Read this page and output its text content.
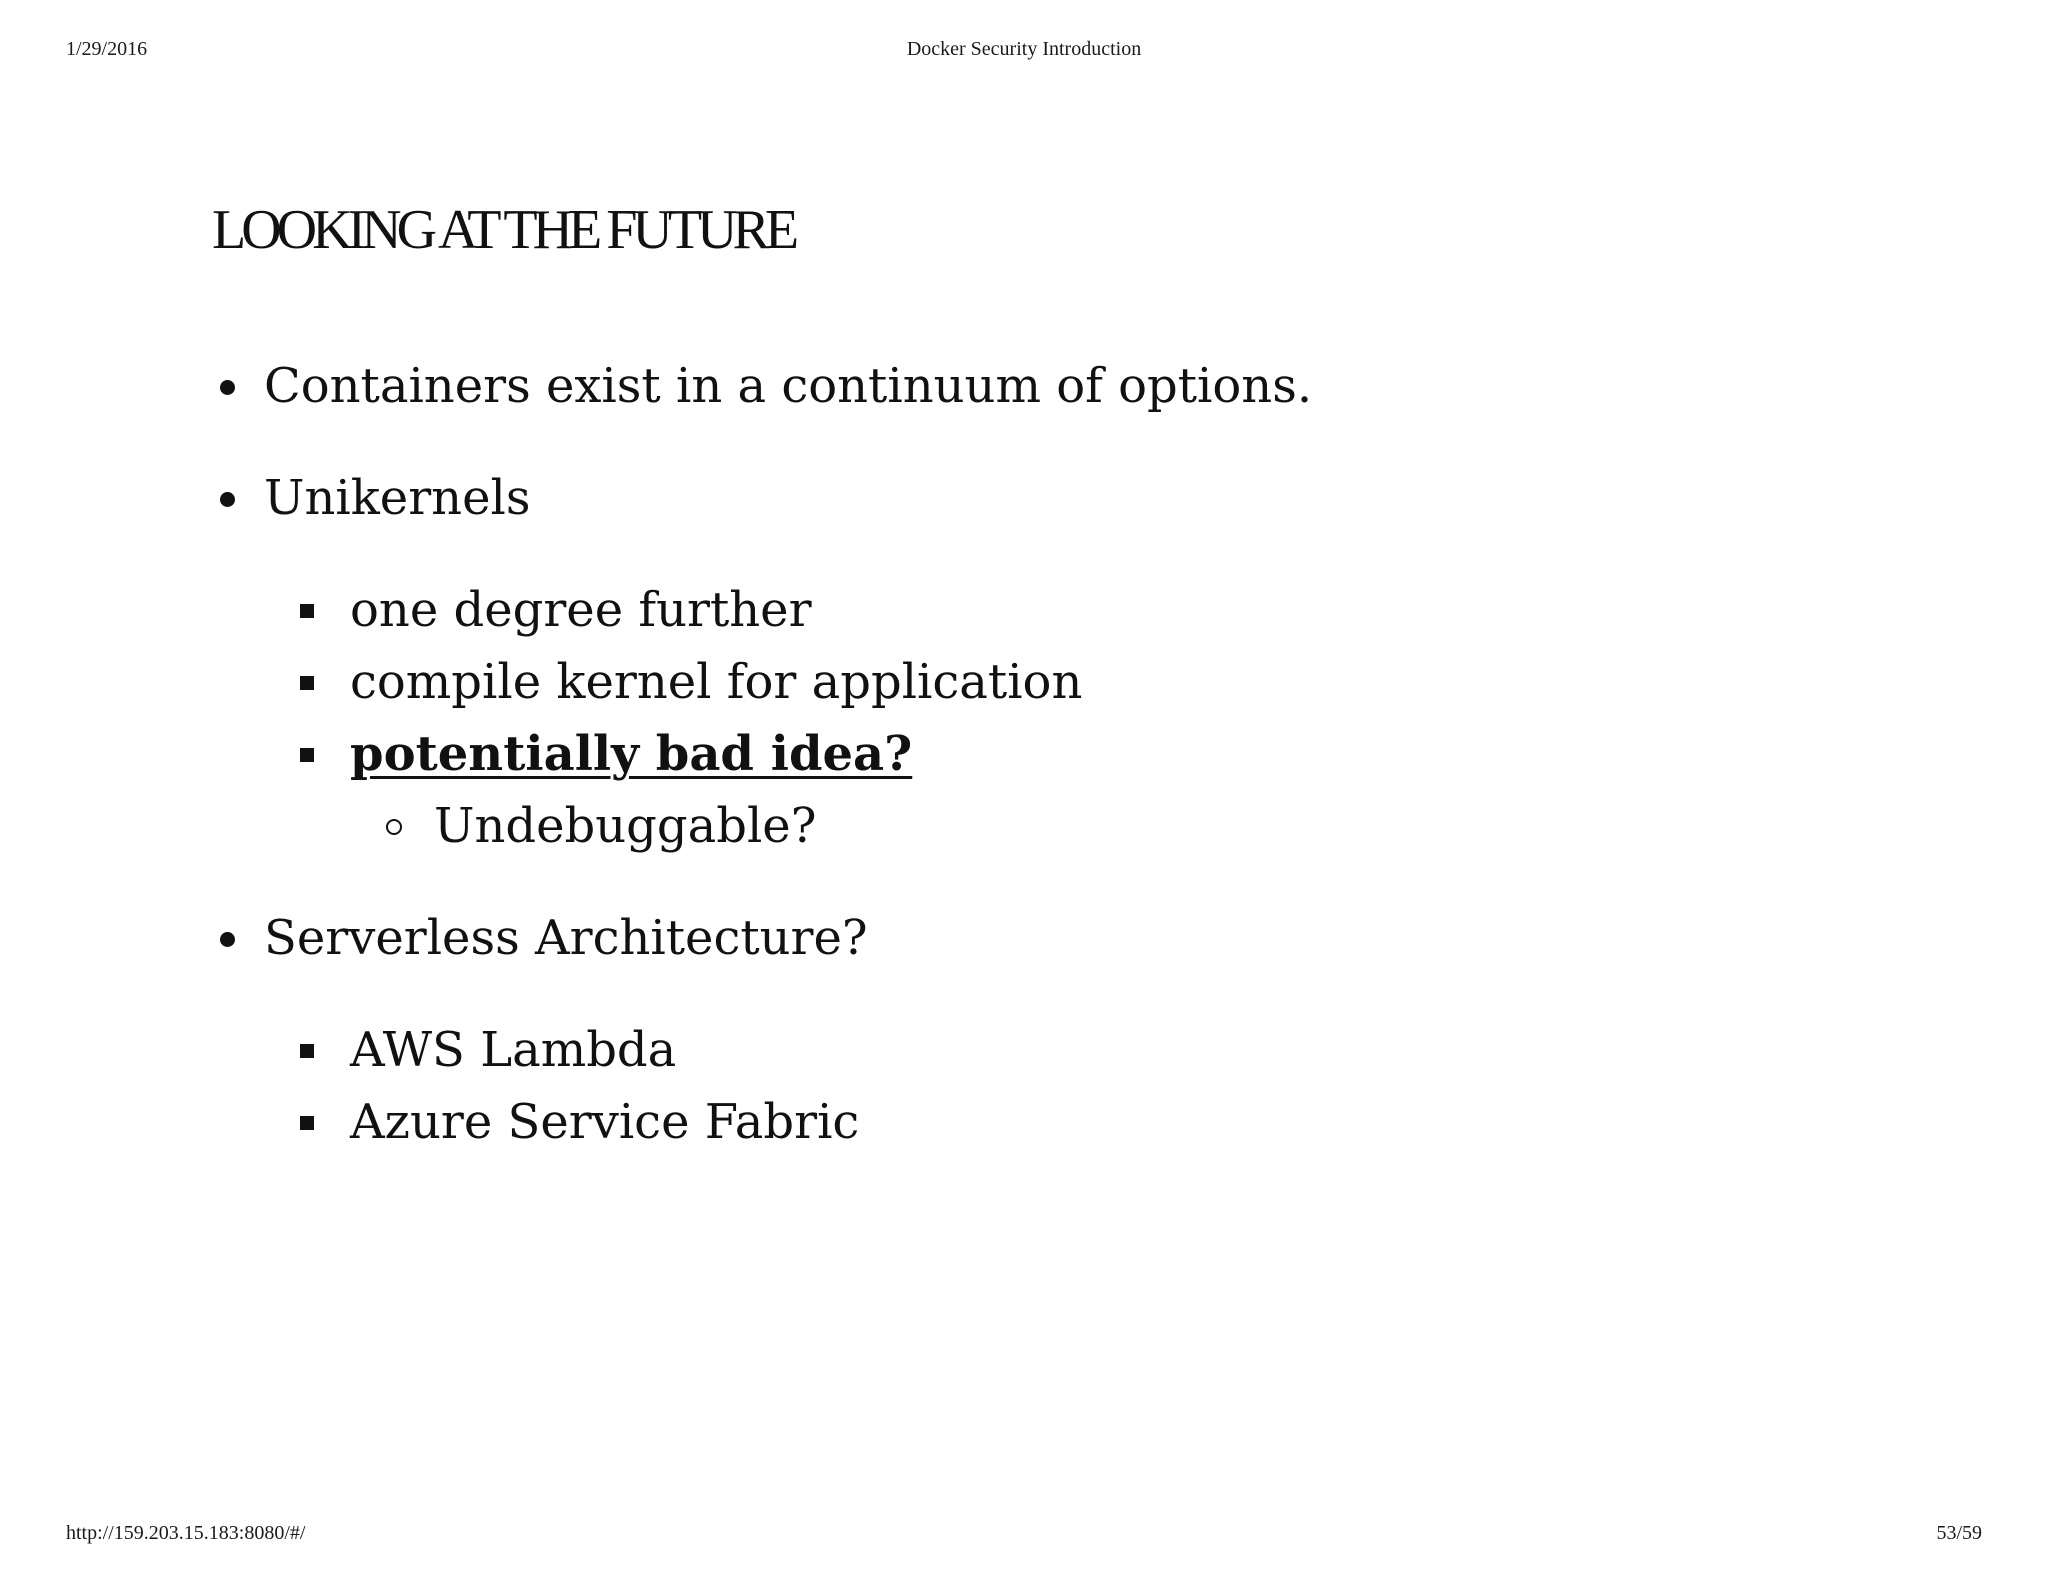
1/29/2016	Docker Security Introduction
LOOKING AT THE FUTURE
Containers exist in a continuum of options.
Unikernels
one degree further
compile kernel for application
potentially bad idea?
Undebuggable?
Serverless Architecture?
AWS Lambda
Azure Service Fabric
http://159.203.15.183:8080/#/	53/59
